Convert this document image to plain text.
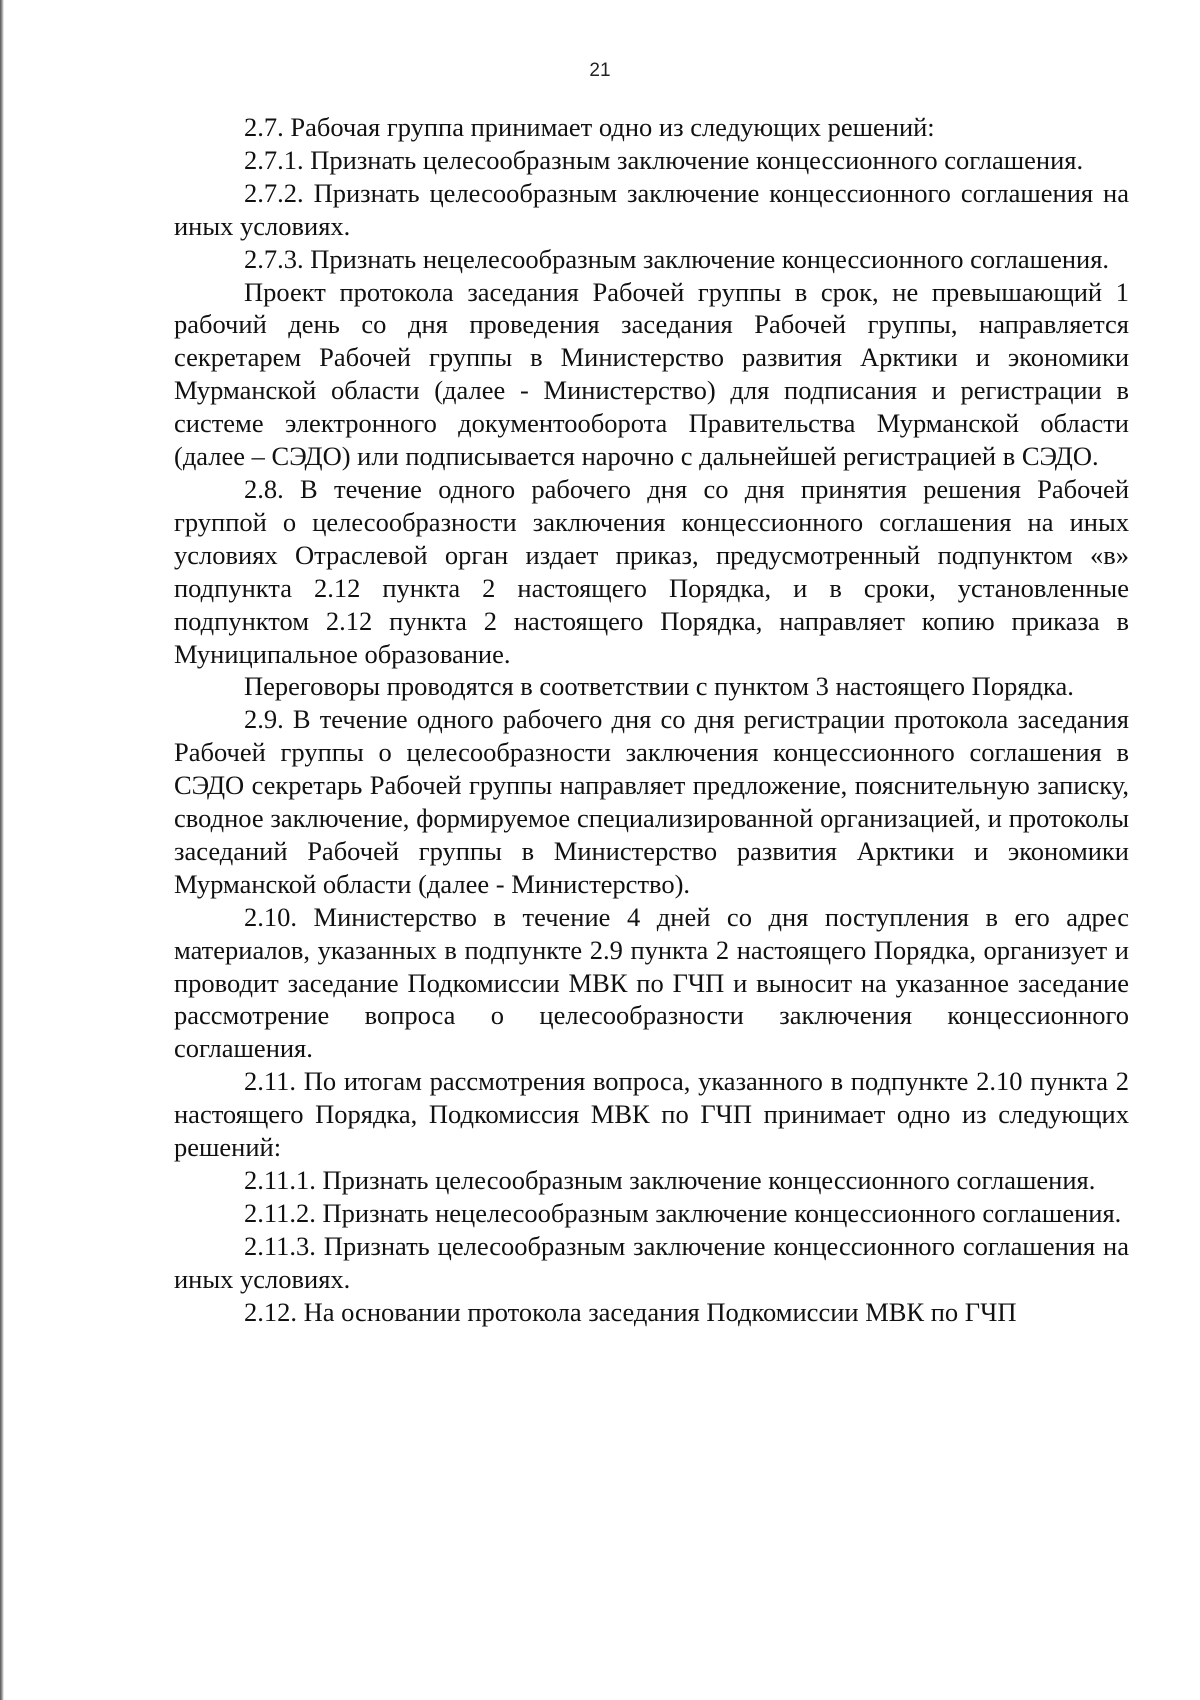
21

2.7. Рабочая группа принимает одно из следующих решений:

2.7.1. Признать целесообразным заключение концессионного соглашения.

2.7.2. Признать целесообразным заключение концессионного соглашения на иных условиях.

2.7.3. Признать нецелесообразным заключение концессионного соглашения.

Проект протокола заседания Рабочей группы в срок, не превышающий 1 рабочий день со дня проведения заседания Рабочей группы, направляется секретарем Рабочей группы в Министерство развития Арктики и экономики Мурманской области (далее - Министерство) для подписания и регистрации в системе электронного документооборота Правительства Мурманской области (далее – СЭДО) или подписывается нарочно с дальнейшей регистрацией в СЭДО.

2.8. В течение одного рабочего дня со дня принятия решения Рабочей группой о целесообразности заключения концессионного соглашения на иных условиях Отраслевой орган издает приказ, предусмотренный подпунктом «в» подпункта 2.12 пункта 2 настоящего Порядка, и в сроки, установленные подпунктом 2.12 пункта 2 настоящего Порядка, направляет копию приказа в Муниципальное образование.

Переговоры проводятся в соответствии с пунктом 3 настоящего Порядка.

2.9. В течение одного рабочего дня со дня регистрации протокола заседания Рабочей группы о целесообразности заключения концессионного соглашения в СЭДО секретарь Рабочей группы направляет предложение, пояснительную записку, сводное заключение, формируемое специализированной организацией, и протоколы заседаний Рабочей группы в Министерство развития Арктики и экономики Мурманской области (далее - Министерство).

2.10. Министерство в течение 4 дней со дня поступления в его адрес материалов, указанных в подпункте 2.9 пункта 2 настоящего Порядка, организует и проводит заседание Подкомиссии МВК по ГЧП и выносит на указанное заседание рассмотрение вопроса о целесообразности заключения концессионного соглашения.

2.11. По итогам рассмотрения вопроса, указанного в подпункте 2.10 пункта 2 настоящего Порядка, Подкомиссия МВК по ГЧП принимает одно из следующих решений:

2.11.1. Признать целесообразным заключение концессионного соглашения.

2.11.2. Признать нецелесообразным заключение концессионного соглашения.

2.11.3. Признать целесообразным заключение концессионного соглашения на иных условиях.

2.12. На основании протокола заседания Подкомиссии МВК по ГЧП
